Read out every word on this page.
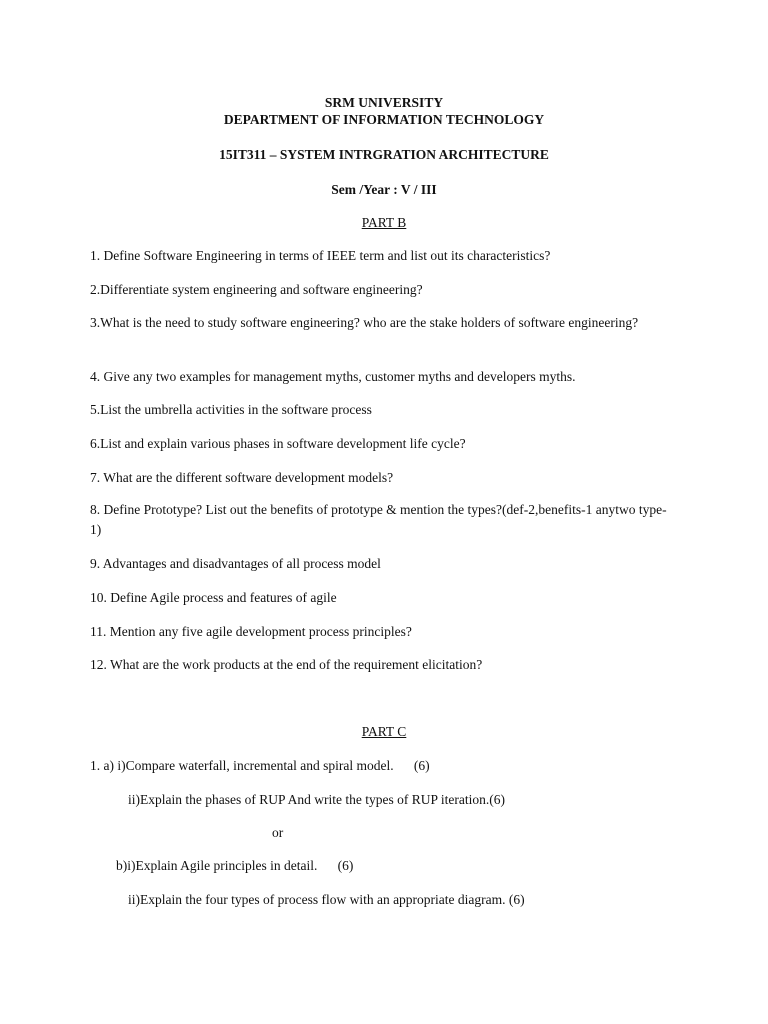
SRM UNIVERSITY
DEPARTMENT OF INFORMATION TECHNOLOGY
15IT311 – SYSTEM INTRGRATION ARCHITECTURE
Sem /Year : V / III
PART B
1. Define Software Engineering in terms of IEEE term and list out its characteristics?
2.Differentiate system engineering and software engineering?
3.What is the need to study software engineering? who are the stake holders of software engineering?
4. Give any two examples for management myths, customer myths and developers myths.
5.List the umbrella activities in the software process
6.List and explain various phases in software development life cycle?
7. What are the different software development models?
8. Define Prototype? List out the benefits of prototype & mention the types?(def-2,benefits-1 anytwo type-1)
9. Advantages and disadvantages of all process model
10. Define Agile process and features of agile
11. Mention any five agile development process principles?
12. What are the work products at the end of the requirement elicitation?
PART C
1. a) i)Compare waterfall, incremental and spiral model.      (6)
ii)Explain the phases of RUP And write the types of RUP iteration.(6)
or
b)i)Explain Agile principles in detail.      (6)
ii)Explain the four types of process flow with an appropriate diagram. (6)
